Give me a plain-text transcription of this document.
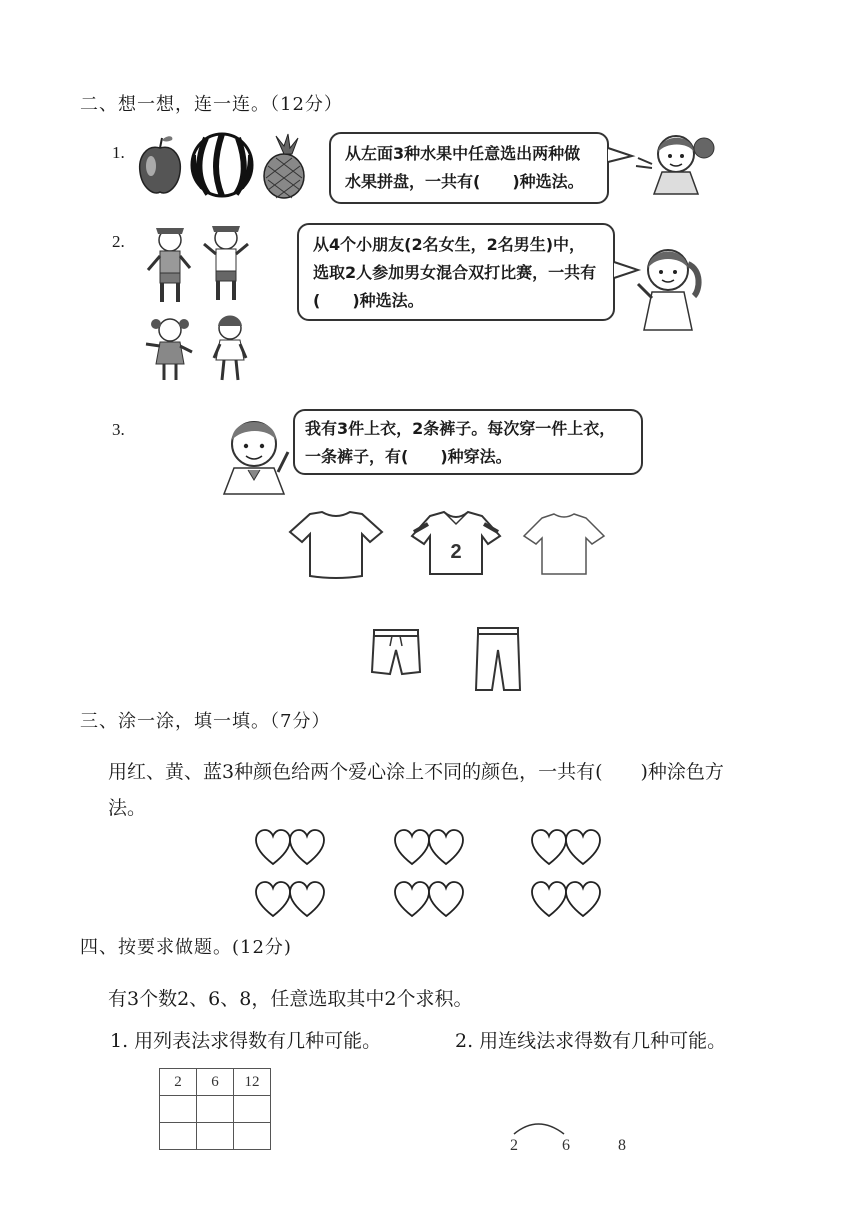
二、想一想，连一连。（12分）
1.	从左面3种水果中任意选出两种做水果拼盘，一共有(　　)种选法。
2.	从4个小朋友(2名女生，2名男生)中，选取2人参加男女混合双打比赛，一共有(　　)种选法。
3.	我有3件上衣，2条裤子。每次穿一件上衣，一条裤子，有(　　)种穿法。
2
三、涂一涂，填一填。（7分）
用红、黄、蓝3种颜色给两个爱心涂上不同的颜色，一共有(　　)种涂色方
法。
四、按要求做题。(12分)
有3个数2、6、8，任意选取其中2个求积。
1. 用列表法求得数有几种可能。	2. 用连线法求得数有几种可能。
2	6	12

2	6	8
